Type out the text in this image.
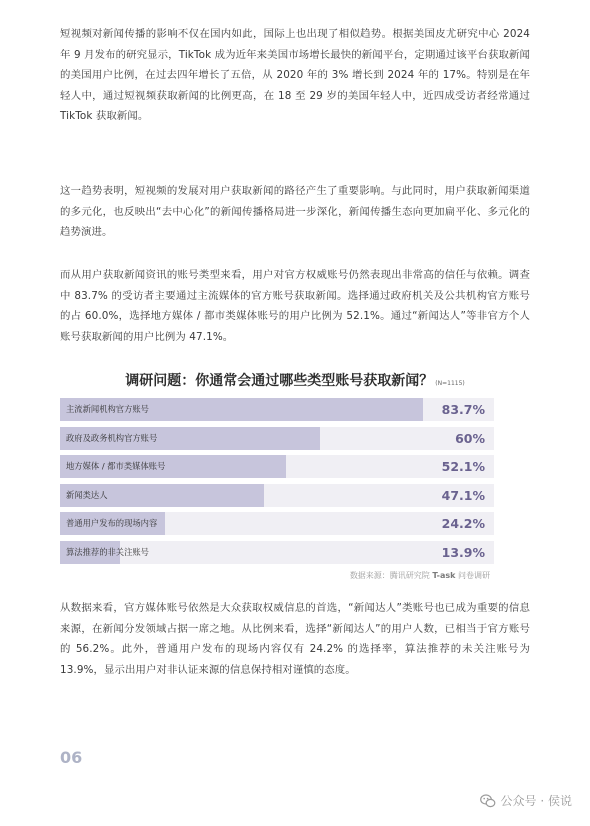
短视频对新闻传播的影响不仅在国内如此，国际上也出现了相似趋势。根据美国皮尤研究中心 2024 年 9 月发布的研究显示，TikTok 成为近年来美国市场增长最快的新闻平台，定期通过该平台获取新闻的美国用户比例，在过去四年增长了五倍，从 2020 年的 3% 增长到 2024 年的 17%。特别是在年轻人中，通过短视频获取新闻的比例更高，在 18 至 29 岁的美国年轻人中，近四成受访者经常通过 TikTok 获取新闻。
这一趋势表明，短视频的发展对用户获取新闻的路径产生了重要影响。与此同时，用户获取新闻渠道的多元化，也反映出“去中心化”的新闻传播格局进一步深化，新闻传播生态向更加扁平化、多元化的趋势演进。
而从用户获取新闻资讯的账号类型来看，用户对官方权威账号仍然表现出非常高的信任与依赖。调查中 83.7% 的受访者主要通过主流媒体的官方账号获取新闻。选择通过政府机关及公共机构官方账号的占 60.0%，选择地方媒体 / 都市类媒体账号的用户比例为 52.1%。通过“新闻达人”等非官方个人账号获取新闻的用户比例为 47.1%。
调研问题：你通常会通过哪些类型账号获取新闻？ (N=1115)
主流新闻机构官方账号	83.7%
政府及政务机构官方账号	60%
地方媒体 / 都市类媒体账号	52.1%
新闻类达人	47.1%
普通用户发布的现场内容	24.2%
算法推荐的非关注账号	13.9%
数据来源：腾讯研究院 T-ask 问卷调研
从数据来看，官方媒体账号依然是大众获取权威信息的首选，“新闻达人”类账号也已成为重要的信息来源，在新闻分发领域占据一席之地。从比例来看，选择“新闻达人”的用户人数，已相当于官方账号的 56.2%。此外，普通用户发布的现场内容仅有 24.2% 的选择率，算法推荐的未关注账号为 13.9%，显示出用户对非认证来源的信息保持相对谨慎的态度。
06
公众号 · 侯说
